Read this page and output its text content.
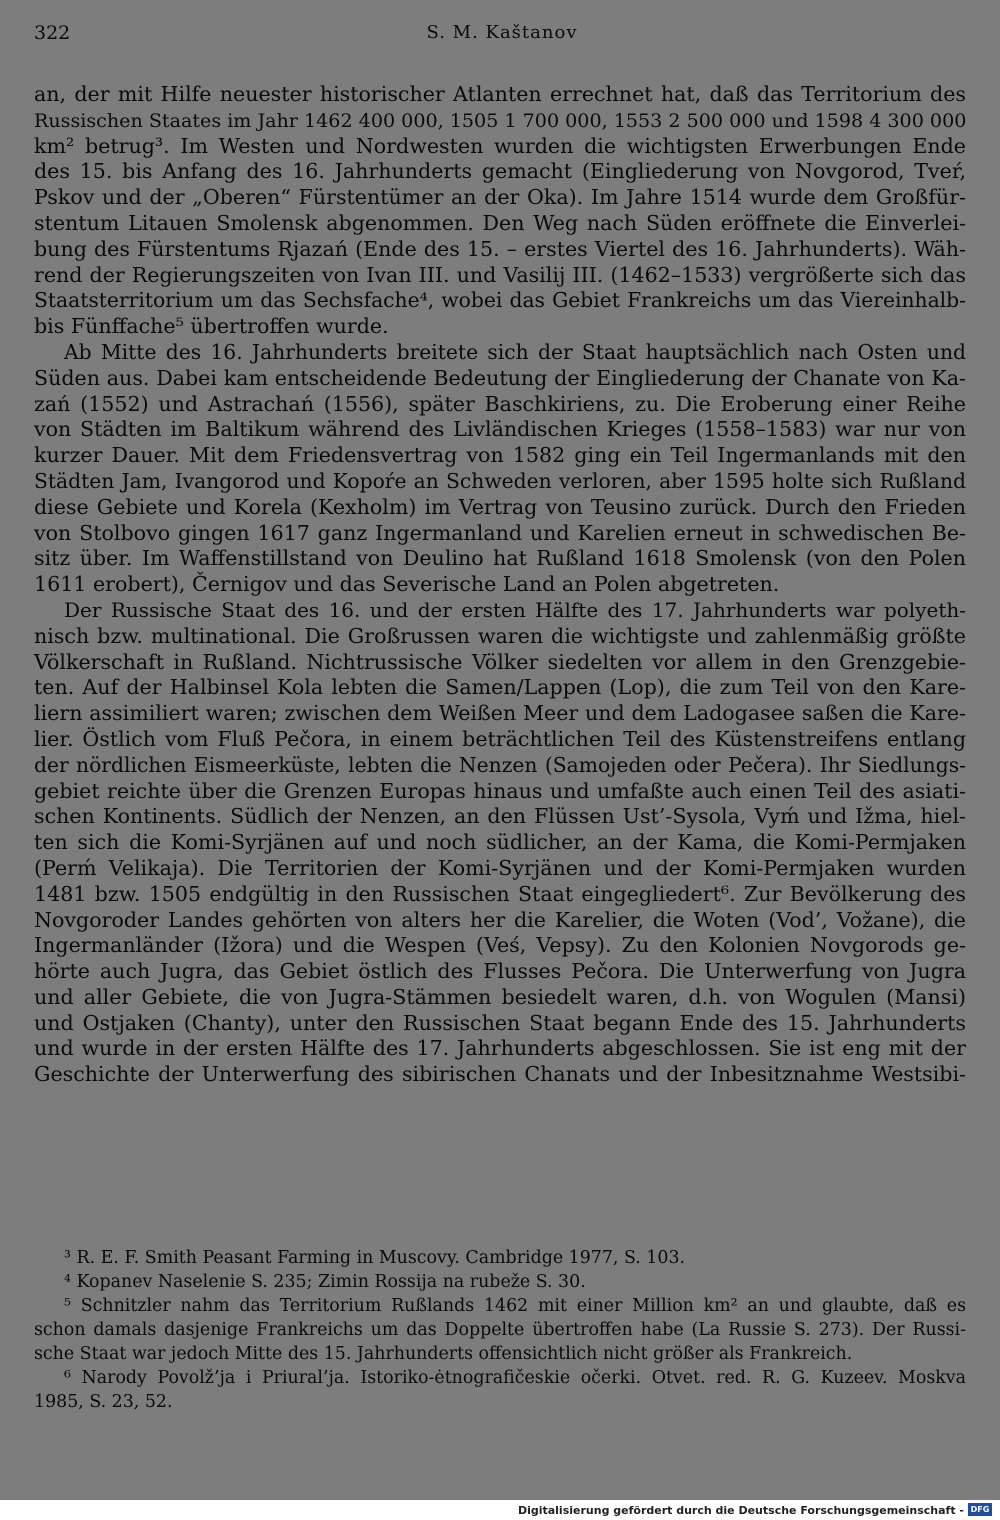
322	S. M. Kaštanov
an, der mit Hilfe neuester historischer Atlanten errechnet hat, daß das Territorium des
Russischen Staates im Jahr 1462 400 000, 1505 1 700 000, 1553 2 500 000 und 1598 4 300 000
km² betrug³. Im Westen und Nordwesten wurden die wichtigsten Erwerbungen Ende
des 15. bis Anfang des 16. Jahrhunderts gemacht (Eingliederung von Novgorod, Tveŕ,
Pskov und der „Oberen“ Fürstentümer an der Oka). Im Jahre 1514 wurde dem Großfür-
stentum Litauen Smolensk abgenommen. Den Weg nach Süden eröffnete die Einverlei-
bung des Fürstentums Rjazań (Ende des 15. – erstes Viertel des 16. Jahrhunderts). Wäh-
rend der Regierungszeiten von Ivan III. und Vasilij III. (1462–1533) vergrößerte sich das
Staatsterritorium um das Sechsfache⁴, wobei das Gebiet Frankreichs um das Viereinhalb-
bis Fünffache⁵ übertroffen wurde.
Ab Mitte des 16. Jahrhunderts breitete sich der Staat hauptsächlich nach Osten und
Süden aus. Dabei kam entscheidende Bedeutung der Eingliederung der Chanate von Ka-
zań (1552) und Astrachań (1556), später Baschkiriens, zu. Die Eroberung einer Reihe
von Städten im Baltikum während des Livländischen Krieges (1558–1583) war nur von
kurzer Dauer. Mit dem Friedensvertrag von 1582 ging ein Teil Ingermanlands mit den
Städten Jam, Ivangorod und Kopoŕe an Schweden verloren, aber 1595 holte sich Rußland
diese Gebiete und Korela (Kexholm) im Vertrag von Teusino zurück. Durch den Frieden
von Stolbovo gingen 1617 ganz Ingermanland und Karelien erneut in schwedischen Be-
sitz über. Im Waffenstillstand von Deulino hat Rußland 1618 Smolensk (von den Polen
1611 erobert), Černigov und das Severische Land an Polen abgetreten.
Der Russische Staat des 16. und der ersten Hälfte des 17. Jahrhunderts war polyeth-
nisch bzw. multinational. Die Großrussen waren die wichtigste und zahlenmäßig größte
Völkerschaft in Rußland. Nichtrussische Völker siedelten vor allem in den Grenzgebie-
ten. Auf der Halbinsel Kola lebten die Samen/Lappen (Lop), die zum Teil von den Kare-
liern assimiliert waren; zwischen dem Weißen Meer und dem Ladogasee saßen die Kare-
lier. Östlich vom Fluß Pečora, in einem beträchtlichen Teil des Küstenstreifens entlang
der nördlichen Eismeerküste, lebten die Nenzen (Samojeden oder Pečera). Ihr Siedlungs-
gebiet reichte über die Grenzen Europas hinaus und umfaßte auch einen Teil des asiati-
schen Kontinents. Südlich der Nenzen, an den Flüssen Ust’-Sysola, Vyḿ und Ižma, hiel-
ten sich die Komi-Syrjänen auf und noch südlicher, an der Kama, die Komi-Permjaken
(Perḿ Velikaja). Die Territorien der Komi-Syrjänen und der Komi-Permjaken wurden
1481 bzw. 1505 endgültig in den Russischen Staat eingegliedert⁶. Zur Bevölkerung des
Novgoroder Landes gehörten von alters her die Karelier, die Woten (Vod’, Vožane), die
Ingermanländer (Ižora) und die Wespen (Veś, Vepsy). Zu den Kolonien Novgorods ge-
hörte auch Jugra, das Gebiet östlich des Flusses Pečora. Die Unterwerfung von Jugra
und aller Gebiete, die von Jugra-Stämmen besiedelt waren, d.h. von Wogulen (Mansi)
und Ostjaken (Chanty), unter den Russischen Staat begann Ende des 15. Jahrhunderts
und wurde in der ersten Hälfte des 17. Jahrhunderts abgeschlossen. Sie ist eng mit der
Geschichte der Unterwerfung des sibirischen Chanats und der Inbesitznahme Westsibi-
³ R. E. F. Smith Peasant Farming in Muscovy. Cambridge 1977, S. 103.
⁴ Kopanev Naselenie S. 235; Zimin Rossija na rubeže S. 30.
⁵ Schnitzler nahm das Territorium Rußlands 1462 mit einer Million km² an und glaubte, daß es
schon damals dasjenige Frankreichs um das Doppelte übertroffen habe (La Russie S. 273). Der Russi-
sche Staat war jedoch Mitte des 15. Jahrhunderts offensichtlich nicht größer als Frankreich.
⁶ Narody Povolž’ja i Priural’ja. Istoriko-ėtnografičeskie očerki. Otvet. red. R. G. Kuzeev. Moskva
1985, S. 23, 52.
Digitalisierung gefördert durch die Deutsche Forschungsgemeinschaft - DFG
